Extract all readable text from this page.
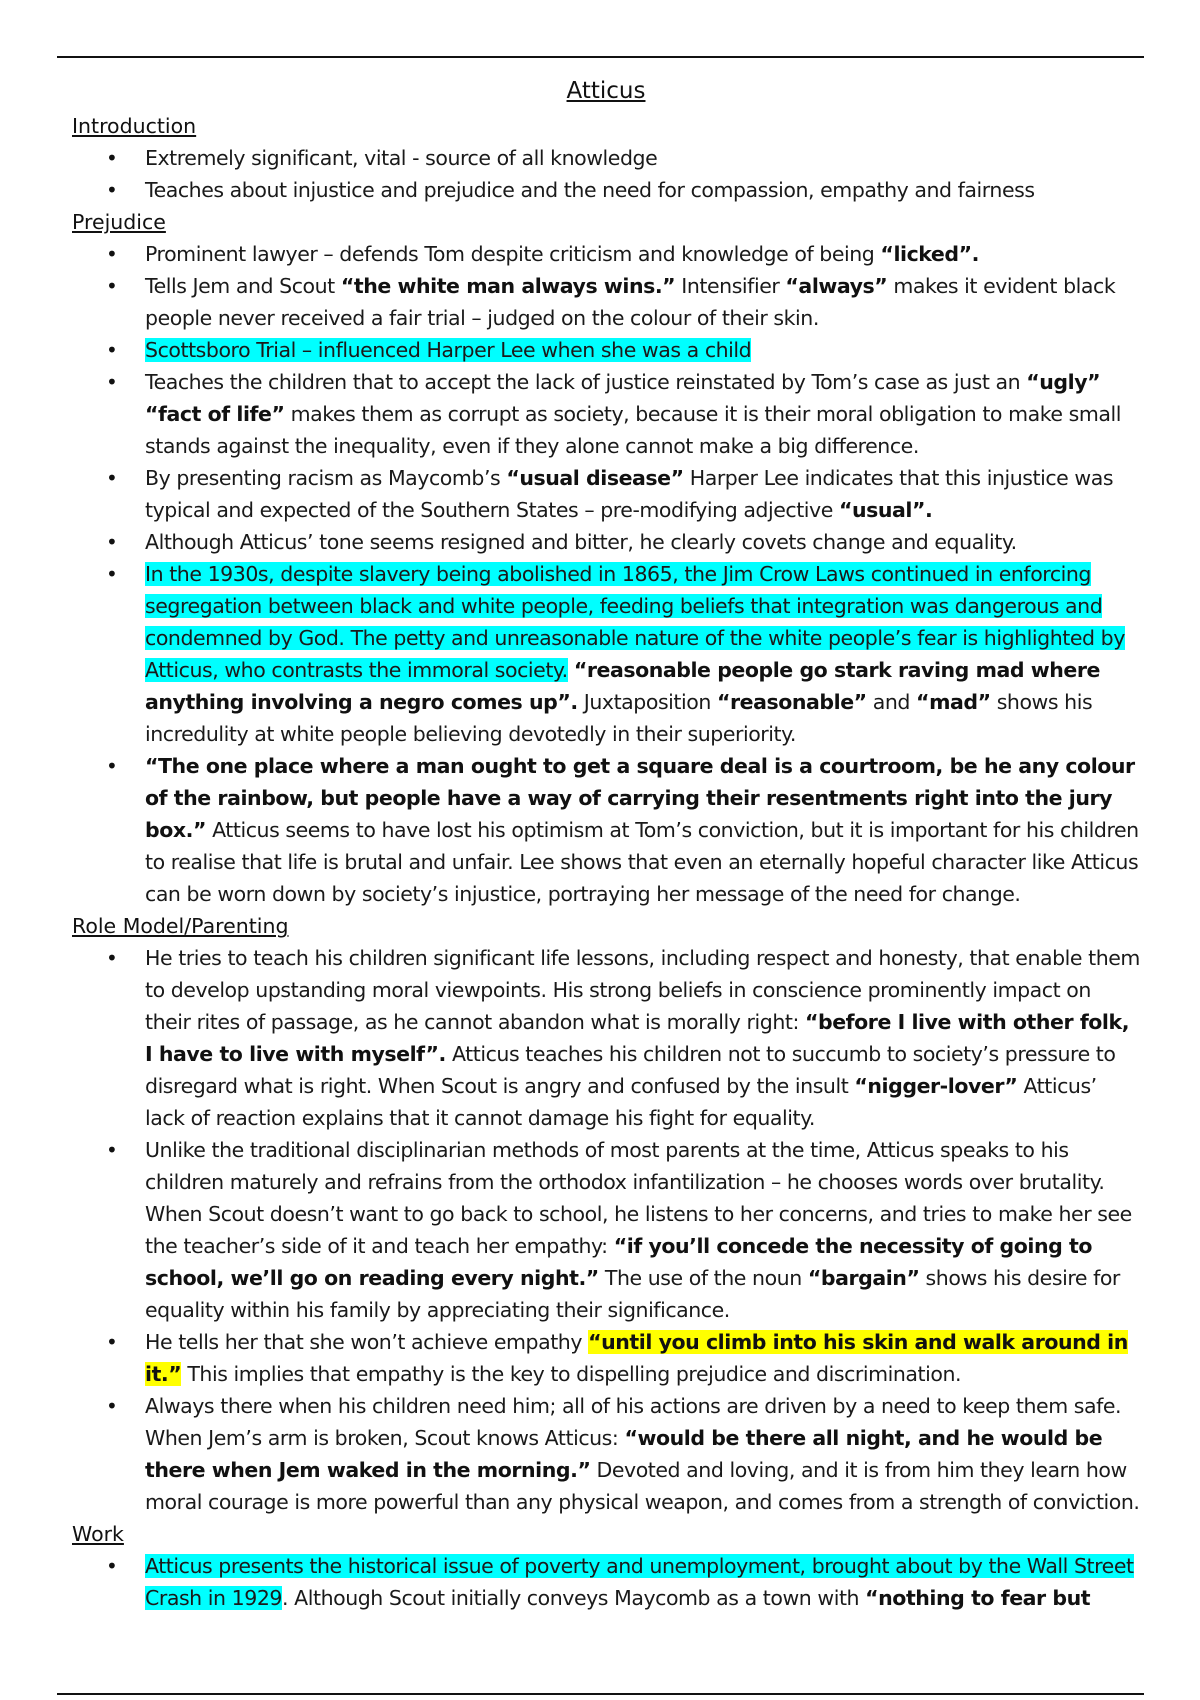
Atticus
Introduction
•	Extremely significant, vital - source of all knowledge
•	Teaches about injustice and prejudice and the need for compassion, empathy and fairness
Prejudice
•	Prominent lawyer – defends Tom despite criticism and knowledge of being “licked”.
•	Tells Jem and Scout “the white man always wins.” Intensifier “always” makes it evident black people never received a fair trial – judged on the colour of their skin.
•	Scottsboro Trial – influenced Harper Lee when she was a child
•	Teaches the children that to accept the lack of justice reinstated by Tom’s case as just an “ugly” “fact of life” makes them as corrupt as society, because it is their moral obligation to make small stands against the inequality, even if they alone cannot make a big difference.
•	By presenting racism as Maycomb’s “usual disease” Harper Lee indicates that this injustice was typical and expected of the Southern States – pre-modifying adjective “usual”.
•	Although Atticus’ tone seems resigned and bitter, he clearly covets change and equality.
•	In the 1930s, despite slavery being abolished in 1865, the Jim Crow Laws continued in enforcing segregation between black and white people, feeding beliefs that integration was dangerous and condemned by God. The petty and unreasonable nature of the white people’s fear is highlighted by Atticus, who contrasts the immoral society. “reasonable people go stark raving mad where anything involving a negro comes up”. Juxtaposition “reasonable” and “mad” shows his incredulity at white people believing devotedly in their superiority.
•	“The one place where a man ought to get a square deal is a courtroom, be he any colour of the rainbow, but people have a way of carrying their resentments right into the jury box.” Atticus seems to have lost his optimism at Tom’s conviction, but it is important for his children to realise that life is brutal and unfair. Lee shows that even an eternally hopeful character like Atticus can be worn down by society’s injustice, portraying her message of the need for change.
Role Model/Parenting
•	He tries to teach his children significant life lessons, including respect and honesty, that enable them to develop upstanding moral viewpoints. His strong beliefs in conscience prominently impact on their rites of passage, as he cannot abandon what is morally right: “before I live with other folk, I have to live with myself”. Atticus teaches his children not to succumb to society’s pressure to disregard what is right. When Scout is angry and confused by the insult “nigger-lover” Atticus’ lack of reaction explains that it cannot damage his fight for equality.
•	Unlike the traditional disciplinarian methods of most parents at the time, Atticus speaks to his children maturely and refrains from the orthodox infantilization – he chooses words over brutality. When Scout doesn’t want to go back to school, he listens to her concerns, and tries to make her see the teacher’s side of it and teach her empathy: “if you’ll concede the necessity of going to school, we’ll go on reading every night.” The use of the noun “bargain” shows his desire for equality within his family by appreciating their significance.
•	He tells her that she won’t achieve empathy “until you climb into his skin and walk around in it.” This implies that empathy is the key to dispelling prejudice and discrimination.
•	Always there when his children need him; all of his actions are driven by a need to keep them safe. When Jem’s arm is broken, Scout knows Atticus: “would be there all night, and he would be there when Jem waked in the morning.” Devoted and loving, and it is from him they learn how moral courage is more powerful than any physical weapon, and comes from a strength of conviction.
Work
•	Atticus presents the historical issue of poverty and unemployment, brought about by the Wall Street Crash in 1929. Although Scout initially conveys Maycomb as a town with “nothing to fear but
